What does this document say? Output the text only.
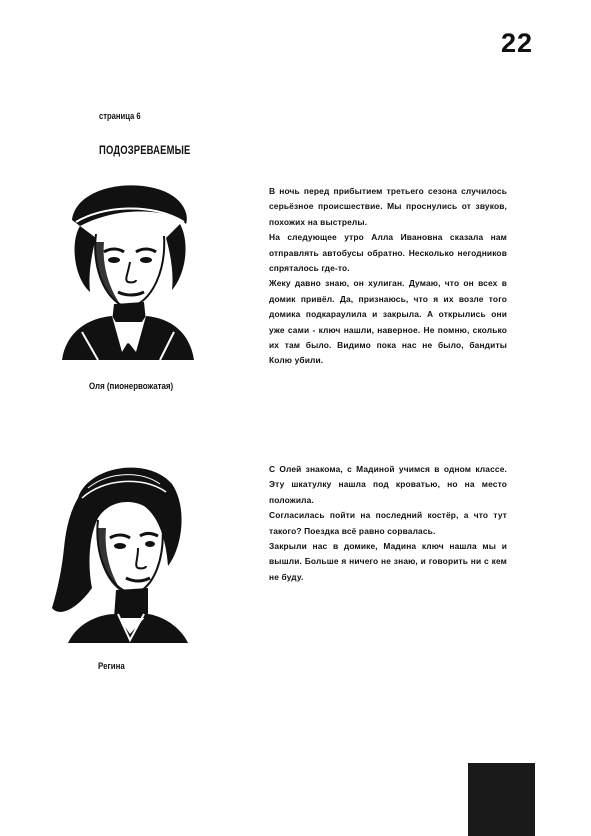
22
страница 6
ПОДОЗРЕВАЕМЫЕ
Оля (пионервожатая)

В ночь перед прибытием третьего сезона случилось серьёзное происшествие. Мы проснулись от звуков, похожих на выстрелы.

На следующее утро Алла Ивановна сказала нам отправлять автобусы обратно. Несколько негодников спряталось где-то.

Жеку давно знаю, он хулиган. Думаю, что он всех в домик привёл. Да, признаюсь, что я их возле того домика подкараулила и закрыла. А открылись они уже сами - ключ нашли, наверное. Не помню, сколько их там было. Видимо пока нас не было, бандиты Колю убили.

Регина

С Олей знакома, с Мадиной учимся в одном классе. Эту шкатулку нашла под кроватью, но на место положила.

Согласилась пойти на последний костёр, а что тут такого? Поездка всё равно сорвалась.

Закрыли нас в домике, Мадина ключ нашла мы и вышли. Больше я ничего не знаю, и говорить ни с кем не буду.
